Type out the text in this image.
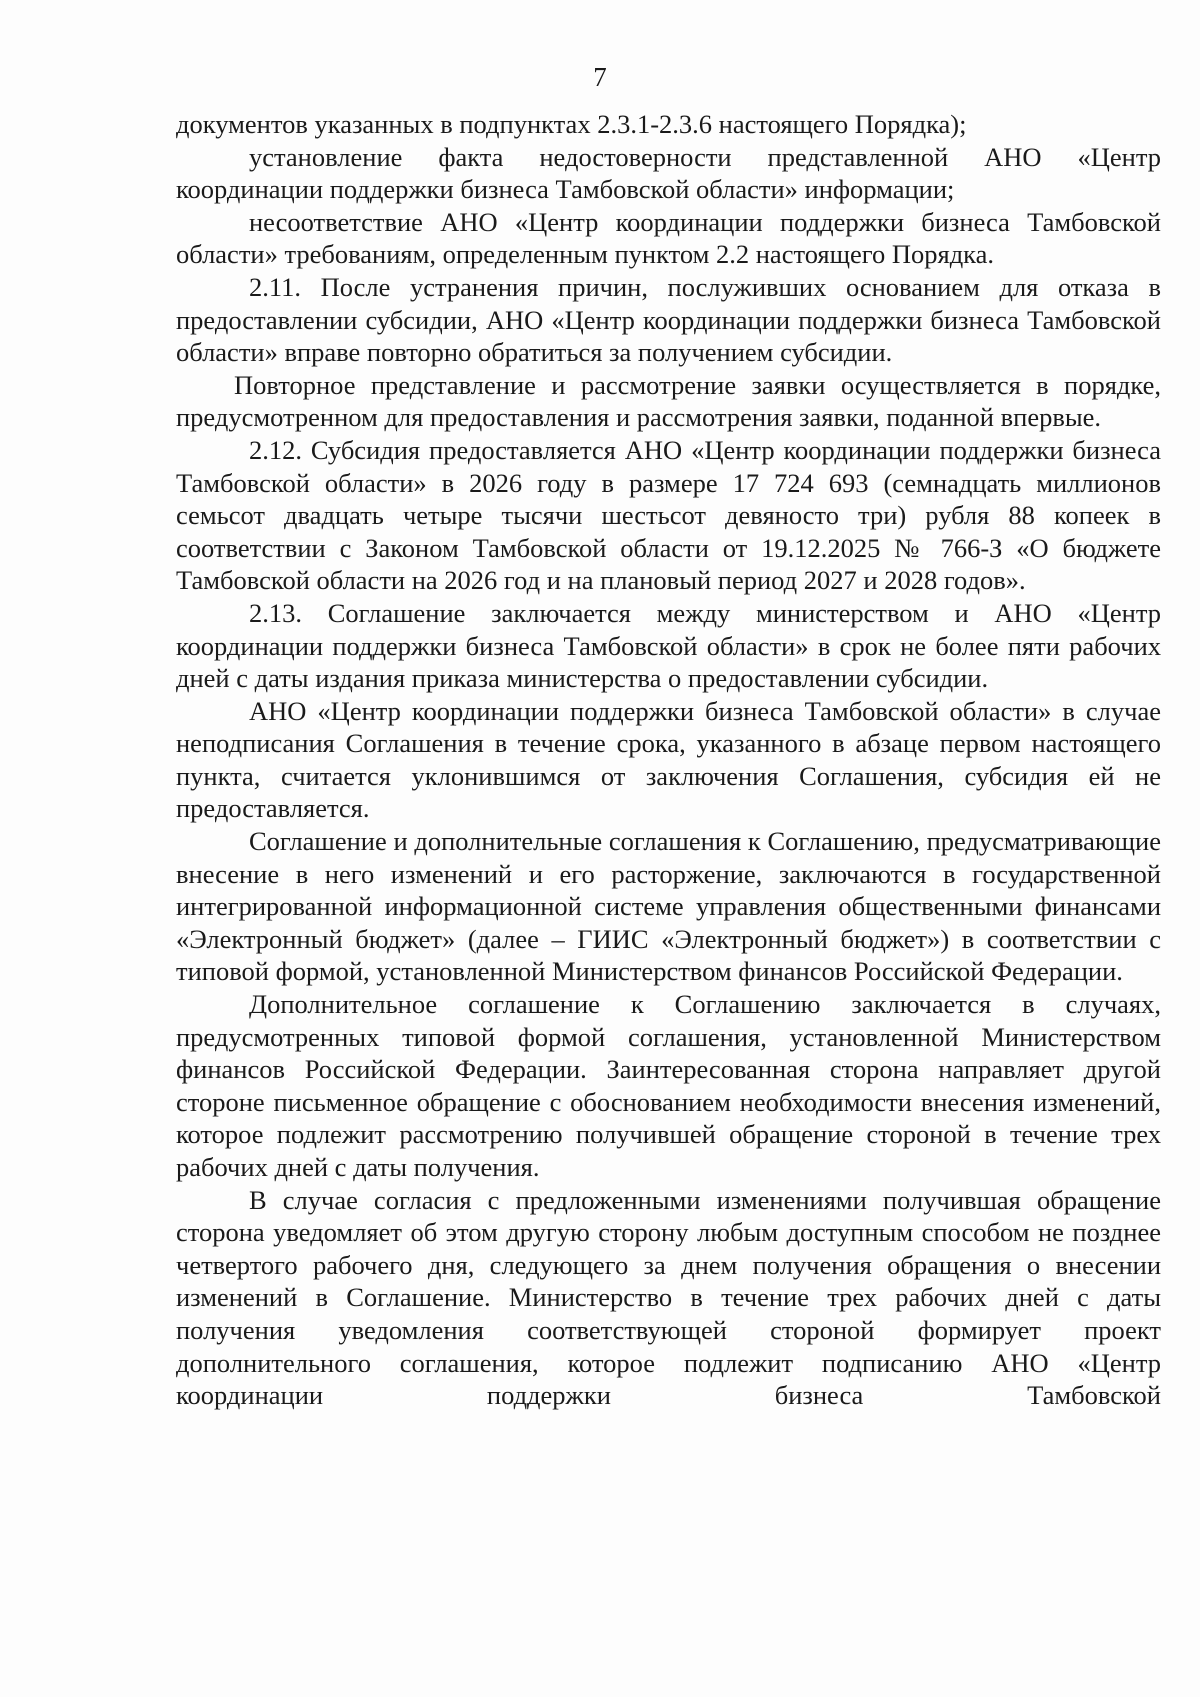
7

документов указанных в подпунктах 2.3.1-2.3.6 настоящего Порядка);

установление факта недостоверности представленной АНО «Центр координации поддержки бизнеса Тамбовской области» информации;

несоответствие АНО «Центр координации поддержки бизнеса Тамбовской области» требованиям, определенным пунктом 2.2 настоящего Порядка.

2.11. После устранения причин, послуживших основанием для отказа в предоставлении субсидии, АНО «Центр координации поддержки бизнеса Тамбовской области» вправе повторно обратиться за получением субсидии.

Повторное представление и рассмотрение заявки осуществляется в порядке, предусмотренном для предоставления и рассмотрения заявки, поданной впервые.

2.12. Субсидия предоставляется АНО «Центр координации поддержки бизнеса Тамбовской области» в 2026 году в размере 17 724 693 (семнадцать миллионов семьсот двадцать четыре тысячи шестьсот девяносто три) рубля 88 копеек в соответствии с Законом Тамбовской области от 19.12.2025 № 766-З «О бюджете Тамбовской области на 2026 год и на плановый период 2027 и 2028 годов».

2.13. Соглашение заключается между министерством и АНО «Центр координации поддержки бизнеса Тамбовской области» в срок не более пяти рабочих дней с даты издания приказа министерства о предоставлении субсидии.

АНО «Центр координации поддержки бизнеса Тамбовской области» в случае неподписания Соглашения в течение срока, указанного в абзаце первом настоящего пункта, считается уклонившимся от заключения Соглашения, субсидия ей не предоставляется.

Соглашение и дополнительные соглашения к Соглашению, предусматривающие внесение в него изменений и его расторжение, заключаются в государственной интегрированной информационной системе управления общественными финансами «Электронный бюджет» (далее – ГИИС «Электронный бюджет») в соответствии с типовой формой, установленной Министерством финансов Российской Федерации.

Дополнительное соглашение к Соглашению заключается в случаях, предусмотренных типовой формой соглашения, установленной Министерством финансов Российской Федерации. Заинтересованная сторона направляет другой стороне письменное обращение с обоснованием необходимости внесения изменений, которое подлежит рассмотрению получившей обращение стороной в течение трех рабочих дней с даты получения.

В случае согласия с предложенными изменениями получившая обращение сторона уведомляет об этом другую сторону любым доступным способом не позднее четвертого рабочего дня, следующего за днем получения обращения о внесении изменений в Соглашение. Министерство в течение трех рабочих дней с даты получения уведомления соответствующей стороной формирует проект дополнительного соглашения, которое подлежит подписанию АНО «Центр координации поддержки бизнеса Тамбовской
